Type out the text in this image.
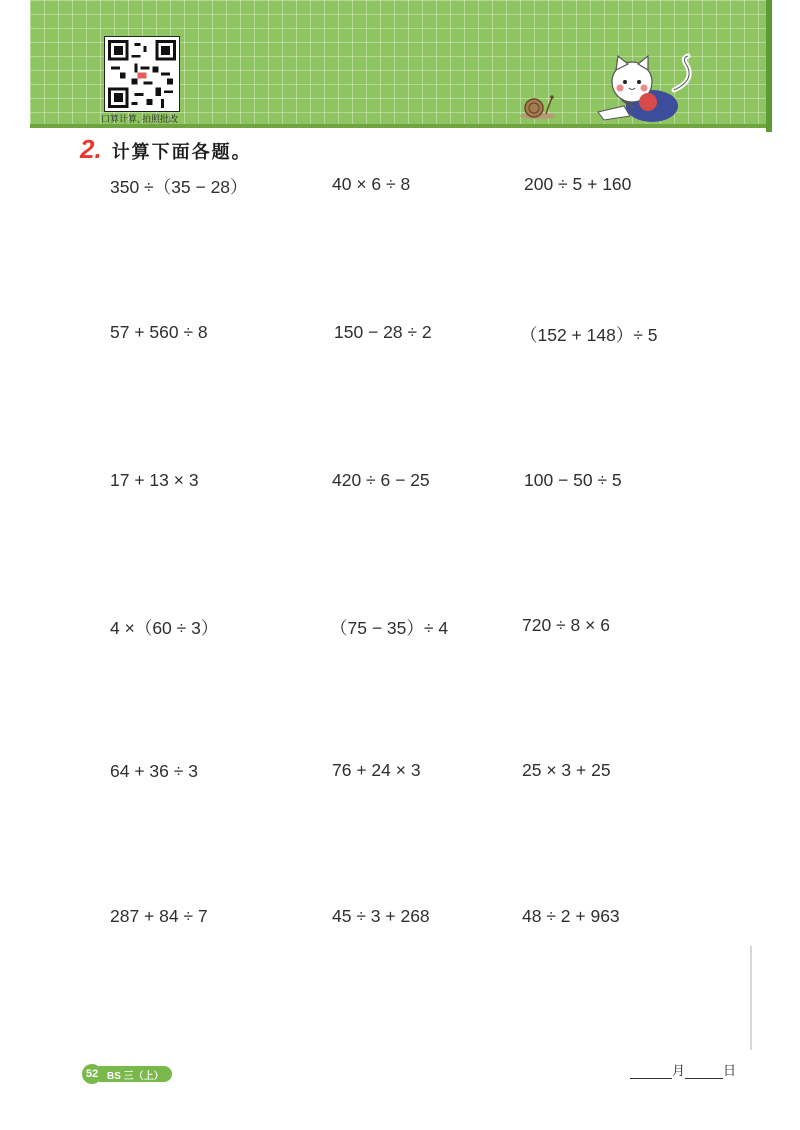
口算计算, 拍照批改
2. 计算下面各题。
350 ÷（35 − 28）	40 × 6 ÷ 8	200 ÷ 5 + 160
57 + 560 ÷ 8	150 − 28 ÷ 2	（152 + 148）÷ 5
17 + 13 × 3	420 ÷ 6 − 25	100 − 50 ÷ 5
4 ×（60 ÷ 3）	（75 − 35）÷ 4	720 ÷ 8 × 6
64 + 36 ÷ 3	76 + 24 × 3	25 × 3 + 25
287 + 84 ÷ 7	45 ÷ 3 + 268	48 ÷ 2 + 963
52 BS 三（上）	月	日
